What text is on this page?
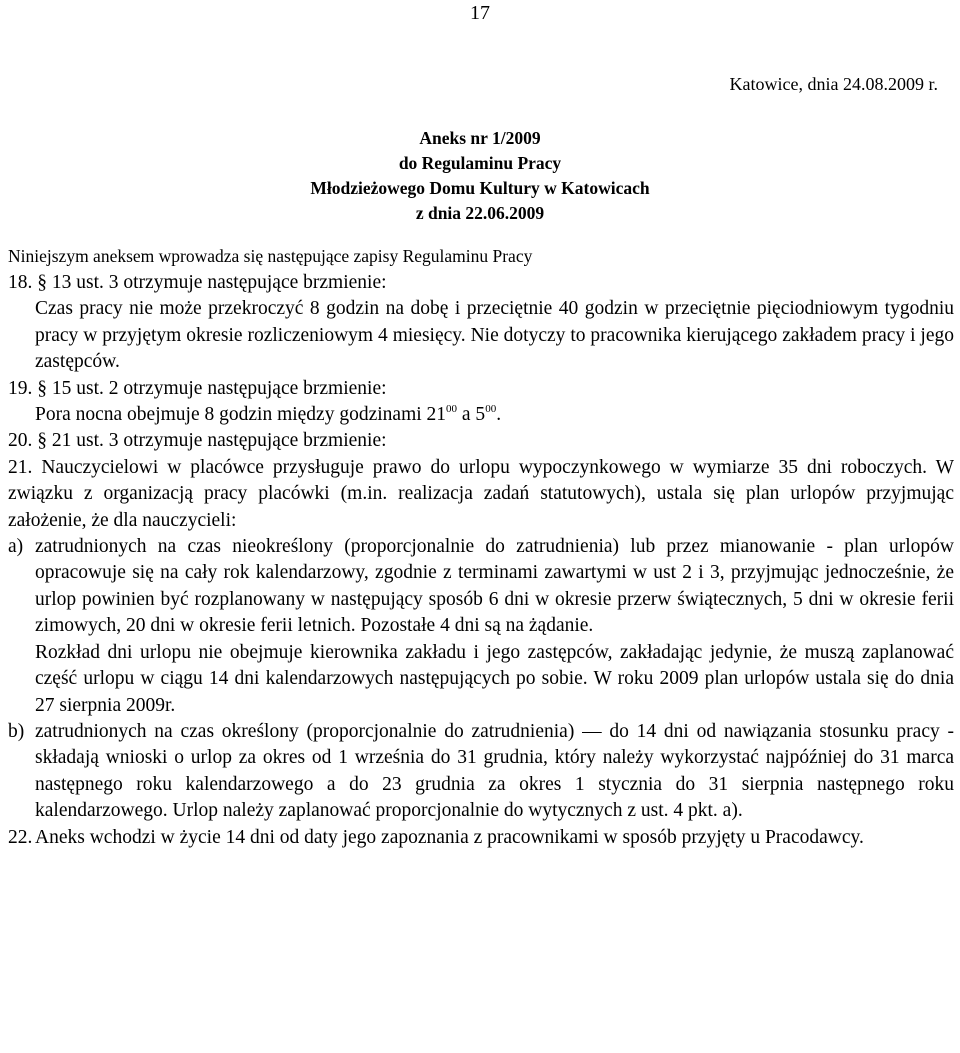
17
Katowice, dnia 24.08.2009 r.
Aneks nr 1/2009
do Regulaminu Pracy
Młodzieżowego Domu Kultury w Katowicach
z dnia 22.06.2009
Niniejszym aneksem wprowadza się następujące zapisy Regulaminu Pracy

18. § 13 ust. 3 otrzymuje następujące brzmienie:

Czas pracy nie może przekroczyć 8 godzin na dobę i przeciętnie 40 godzin w przeciętnie pięciodniowym tygodniu pracy w przyjętym okresie rozliczeniowym 4 miesięcy. Nie dotyczy to pracownika kierującego zakładem pracy i jego zastępców.

19. § 15 ust. 2 otrzymuje następujące brzmienie:

Pora nocna obejmuje 8 godzin między godzinami $21^{00}$ a $5^{00}$.

20. § 21 ust. 3 otrzymuje następujące brzmienie:

21. Nauczycielowi w placówce przysługuje prawo do urlopu wypoczynkowego w wymiarze 35 dni roboczych. W związku z organizacją pracy placówki (m.in. realizacja zadań statutowych), ustala się plan urlopów przyjmując założenie, że dla nauczycieli:

a) zatrudnionych na czas nieokreślony (proporcjonalnie do zatrudnienia) lub przez mianowanie - plan urlopów opracowuje się na cały rok kalendarzowy, zgodnie z terminami zawartymi w ust 2 i 3, przyjmując jednocześnie, że urlop powinien być rozplanowany w następujący sposób 6 dni w okresie przerw świątecznych, 5 dni w okresie ferii zimowych, 20 dni w okresie ferii letnich. Pozostałe 4 dni są na żądanie.

Rozkład dni urlopu nie obejmuje kierownika zakładu i jego zastępców, zakładając jedynie, że muszą zaplanować część urlopu w ciągu 14 dni kalendarzowych następujących po sobie. W roku 2009 plan urlopów ustala się do dnia 27 sierpnia 2009r.

b) zatrudnionych na czas określony (proporcjonalnie do zatrudnienia) — do 14 dni od nawiązania stosunku pracy - składają wnioski o urlop za okres od 1 września do 31 grudnia, który należy wykorzystać najpóźniej do 31 marca następnego roku kalendarzowego a do 23 grudnia za okres 1 stycznia do 31 sierpnia następnego roku kalendarzowego. Urlop należy zaplanować proporcjonalnie do wytycznych z ust. 4 pkt. a).

22. Aneks wchodzi w życie 14 dni od daty jego zapoznania z pracownikami w sposób przyjęty u Pracodawcy.
